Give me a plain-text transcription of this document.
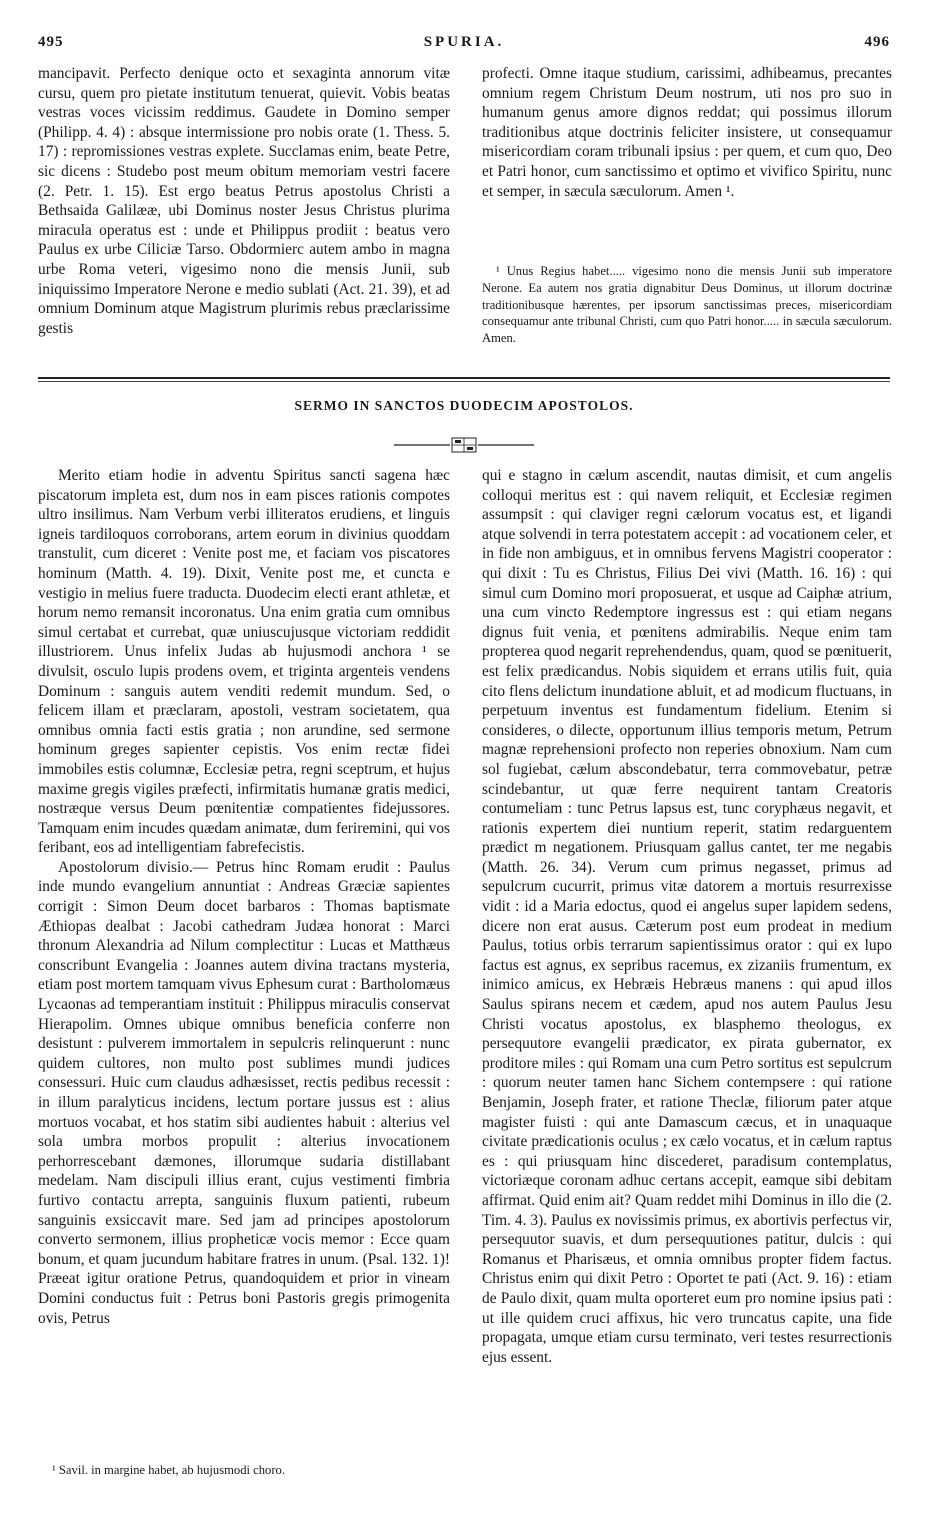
495	SPURIA.	496

mancipavit. Perfecto denique octo et sexaginta annorum vitæ cursu, quem pro pietate institutum tenuerat, quievit. Vobis beatas vestras voces vicissim reddimus. Gaudete in Domino semper (Philipp. 4. 4) : absque intermissione pro nobis orate (1. Thess. 5. 17) : repromissiones vestras explete. Succlamas enim, beate Petre, sic dicens : Studebo post meum obitum memoriam vestri facere (2. Petr. 1. 15). Est ergo beatus Petrus apostolus Christi a Bethsaida Galilææ, ubi Dominus noster Jesus Christus plurima miracula operatus est : unde et Philippus prodiit : beatus vero Paulus ex urbe Ciliciæ Tarso. Obdormierc autem ambo in magna urbe Roma veteri, vigesimo nono die mensis Junii, sub iniquissimo Imperatore Nerone e medio sublati (Act. 21. 39), et ad omnium Dominum atque Magistrum plurimis rebus præclarissime gestis

profecti. Omne itaque studium, carissimi, adhibeamus, precantes omnium regem Christum Deum nostrum, uti nos pro suo in humanum genus amore dignos reddat; qui possimus illorum traditionibus atque doctrinis feliciter insistere, ut consequamur misericordiam coram tribunali ipsius : per quem, et cum quo, Deo et Patri honor, cum sanctissimo et optimo et vivifico Spiritu, nunc et semper, in sæcula sæculorum. Amen ¹.

¹ Unus Regius habet..... vigesimo nono die mensis Junii sub imperatore Nerone. Ea autem nos gratia dignabitur Deus Dominus, ut illorum doctrinæ traditionibusque hærentes, per ipsorum sanctissimas preces, misericordiam consequamur ante tribunal Christi, cum quo Patri honor..... in sæcula sæculorum. Amen.

SERMO IN SANCTOS DUODECIM APOSTOLOS.

Merito etiam hodie in adventu Spiritus sancti sagena hæc piscatorum impleta est, dum nos in eam pisces rationis compotes ultro insilimus. Nam Verbum verbi illiteratos erudiens, et linguis igneis tardiloquos corroborans, artem eorum in divinius quoddam transtulit, cum diceret : Venite post me, et faciam vos piscatores hominum (Matth. 4. 19). Dixit, Venite post me, et cuncta e vestigio in melius fuere traducta. Duodecim electi erant athletæ, et horum nemo remansit incoronatus. Una enim gratia cum omnibus simul certabat et currebat, quæ uniuscujusque victoriam reddidit illustriorem. Unus infelix Judas ab hujusmodi anchora ¹ se divulsit, osculo lupis prodens ovem, et triginta argenteis vendens Dominum : sanguis autem venditi redemit mundum. Sed, o felicem illam et præclaram, apostoli, vestram societatem, qua omnibus omnia facti estis gratia ; non arundine, sed sermone hominum greges sapienter cepistis. Vos enim rectæ fidei immobiles estis columnæ, Ecclesiæ petra, regni sceptrum, et hujus maxime gregis vigiles præfecti, infirmitatis humanæ gratis medici, nostræque versus Deum pœnitentiæ compatientes fidejussores. Tamquam enim incudes quædam animatæ, dum feriremini, qui vos feribant, eos ad intelligentiam fabrefecistis.

Apostolorum divisio.— Petrus hinc Romam erudit : Paulus inde mundo evangelium annuntiat : Andreas Græciæ sapientes corrigit : Simon Deum docet barbaros : Thomas baptismate Æthiopas dealbat : Jacobi cathedram Judæa honorat : Marci thronum Alexandria ad Nilum complectitur : Lucas et Matthæus conscribunt Evangelia : Joannes autem divina tractans mysteria, etiam post mortem tamquam vivus Ephesum curat : Bartholomæus Lycaonas ad temperantiam instituit : Philippus miraculis conservat Hierapolim. Omnes ubique omnibus beneficia conferre non desistunt : pulverem immortalem in sepulcris relinquerunt : nunc quidem cultores, non multo post sublimes mundi judices consessuri. Huic cum claudus adhæsisset, rectis pedibus recessit : in illum paralyticus incidens, lectum portare jussus est : alius mortuos vocabat, et hos statim sibi audientes habuit : alterius vel sola umbra morbos propulit : alterius invocationem perhorrescebant dæmones, illorumque sudaria distillabant medelam. Nam discipuli illius erant, cujus vestimenti fimbria furtivo contactu arrepta, sanguinis fluxum patienti, rubeum sanguinis exsiccavit mare. Sed jam ad principes apostolorum converto sermonem, illius propheticæ vocis memor : Ecce quam bonum, et quam jucundum habitare fratres in unum. (Psal. 132. 1)! Præeat igitur oratione Petrus, quandoquidem et prior in vineam Domini conductus fuit : Petrus boni Pastoris gregis primogenita ovis, Petrus

qui e stagno in cælum ascendit, nautas dimisit, et cum angelis colloqui meritus est : qui navem reliquit, et Ecclesiæ regimen assumpsit : qui claviger regni cælorum vocatus est, et ligandi atque solvendi in terra potestatem accepit : ad vocationem celer, et in fide non ambiguus, et in omnibus fervens Magistri cooperator : qui dixit : Tu es Christus, Filius Dei vivi (Matth. 16. 16) : qui simul cum Domino mori proposuerat, et usque ad Caiphæ atrium, una cum vincto Redemptore ingressus est : qui etiam negans dignus fuit venia, et pœnitens admirabilis. Neque enim tam propterea quod negarit reprehendendus, quam, quod se pœnituerit, est felix prædicandus. Nobis siquidem et errans utilis fuit, quia cito flens delictum inundatione abluit, et ad modicum fluctuans, in perpetuum inventus est fundamentum fidelium. Etenim si consideres, o dilecte, opportunum illius temporis metum, Petrum magnæ reprehensioni profecto non reperies obnoxium. Nam cum sol fugiebat, cælum abscondebatur, terra commovebatur, petræ scindebantur, ut quæ ferre nequirent tantam Creatoris contumeliam : tunc Petrus lapsus est, tunc coryphæus negavit, et rationis expertem diei nuntium reperit, statim redarguentem prædict m negationem. Priusquam gallus cantet, ter me negabis (Matth. 26. 34). Verum cum primus negasset, primus ad sepulcrum cucurrit, primus vitæ datorem a mortuis resurrexisse vidit : id a Maria edoctus, quod ei angelus super lapidem sedens, dicere non erat ausus. Cæterum post eum prodeat in medium Paulus, totius orbis terrarum sapientissimus orator : qui ex lupo factus est agnus, ex sepribus racemus, ex zizaniis frumentum, ex inimico amicus, ex Hebræis Hebræus manens : qui apud illos Saulus spirans necem et cædem, apud nos autem Paulus Jesu Christi vocatus apostolus, ex blasphemo theologus, ex persequutore evangelii prædicator, ex pirata gubernator, ex proditore miles : qui Romam una cum Petro sortitus est sepulcrum : quorum neuter tamen hanc Sichem contempsere : qui ratione Benjamin, Joseph frater, et ratione Theclæ, filiorum pater atque magister fuisti : qui ante Damascum cæcus, et in unaquaque civitate prædicationis oculus ; ex cælo vocatus, et in cælum raptus es : qui priusquam hinc discederet, paradisum contemplatus, victoriæque coronam adhuc certans accepit, eamque sibi debitam affirmat. Quid enim ait? Quam reddet mihi Dominus in illo die (2. Tim. 4. 3). Paulus ex novissimis primus, ex abortivis perfectus vir, persequutor suavis, et dum persequutiones patitur, dulcis : qui Romanus et Pharisæus, et omnia omnibus propter fidem factus. Christus enim qui dixit Petro : Oportet te pati (Act. 9. 16) : etiam de Paulo dixit, quam multa oporteret eum pro nomine ipsius pati : ut ille quidem cruci affixus, hic vero truncatus capite, una fide propagata, umque etiam cursu terminato, veri testes resurrectionis ejus essent.

¹ Savil. in margine habet, ab hujusmodi choro.
